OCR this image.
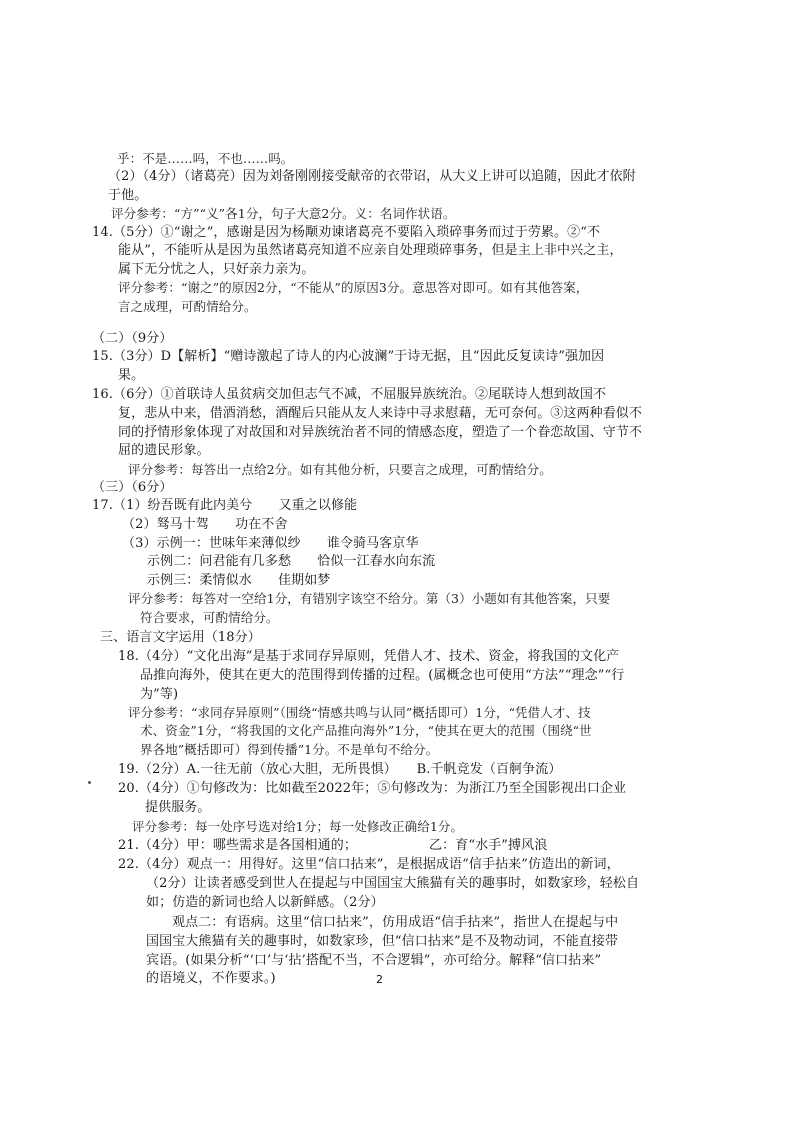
乎：不是……吗，不也……吗。
（2）（4分）（诸葛亮）因为刘备刚刚接受献帝的衣带诏，从大义上讲可以追随，因此才依附
于他。
评分参考：“方”“义”各1分，句子大意2分。义：名词作状语。
14.（5分）①“谢之”，感谢是因为杨颙劝谏诸葛亮不要陷入琐碎事务而过于劳累。②“不
能从”，不能听从是因为虽然诸葛亮知道不应亲自处理琐碎事务，但是主上非中兴之主，
属下无分忧之人，只好亲力亲为。
评分参考：“谢之”的原因2分，“不能从”的原因3分。意思答对即可。如有其他答案，
言之成理，可酌情给分。
（二）（9分）
15.（3分）D【解析】“赠诗激起了诗人的内心波澜”于诗无据，且“因此反复读诗”强加因
果。
16.（6分）①首联诗人虽贫病交加但志气不减，不屈服异族统治。②尾联诗人想到故国不
复，悲从中来，借酒消愁，酒醒后只能从友人来诗中寻求慰藉，无可奈何。③这两种看似不
同的抒情形象体现了对故国和对异族统治者不同的情感态度，塑造了一个眷恋故国、守节不
屈的遗民形象。
评分参考：每答出一点给2分。如有其他分析，只要言之成理，可酌情给分。
（三）（6分）
17.（1）纷吾既有此内美兮　　又重之以修能
（2）驽马十驾　　功在不舍
（3）示例一：世味年来薄似纱　　谁令骑马客京华
示例二：问君能有几多愁　　恰似一江春水向东流
示例三：柔情似水　　佳期如梦
评分参考：每答对一空给1分，有错别字该空不给分。第（3）小题如有其他答案，只要
符合要求，可酌情给分。
三、语言文字运用（18分）
18.（4分）“文化出海”是基于求同存异原则，凭借人才、技术、资金，将我国的文化产
品推向海外，使其在更大的范围得到传播的过程。(属概念也可使用“方法”“理念”“行
为”等)
评分参考：“求同存异原则”（围绕“情感共鸣与认同”概括即可）1分，“凭借人才、技
术、资金”1分，“将我国的文化产品推向海外”1分，“使其在更大的范围（围绕“世
界各地”概括即可）得到传播”1分。不是单句不给分。
19.（2分）A.一往无前（放心大胆，无所畏惧）　　B.千帆竞发（百舸争流）
20.（4分）①句修改为：比如截至2022年；⑤句修改为：为浙江乃至全国影视出口企业
提供服务。
评分参考：每一处序号选对给1分；每一处修改正确给1分。
21.（4分）甲：哪些需求是各国相通的；　　　　　　乙：育“水手”搏风浪
22.（4分）观点一：用得好。这里“信口拈来”，是根据成语“信手拈来”仿造出的新词，
（2分）让读者感受到世人在提起与中国国宝大熊猫有关的趣事时，如数家珍，轻松自
如；仿造的新词也给人以新鲜感。（2分）
观点二：有语病。这里“信口拈来”，仿用成语“信手拈来”，指世人在提起与中
国国宝大熊猫有关的趣事时，如数家珍，但“信口拈来”是不及物动词，不能直接带
宾语。(如果分析“‘口’与‘拈’搭配不当，不合逻辑”，亦可给分。解释“信口拈来”
的语境义，不作要求。)	2
